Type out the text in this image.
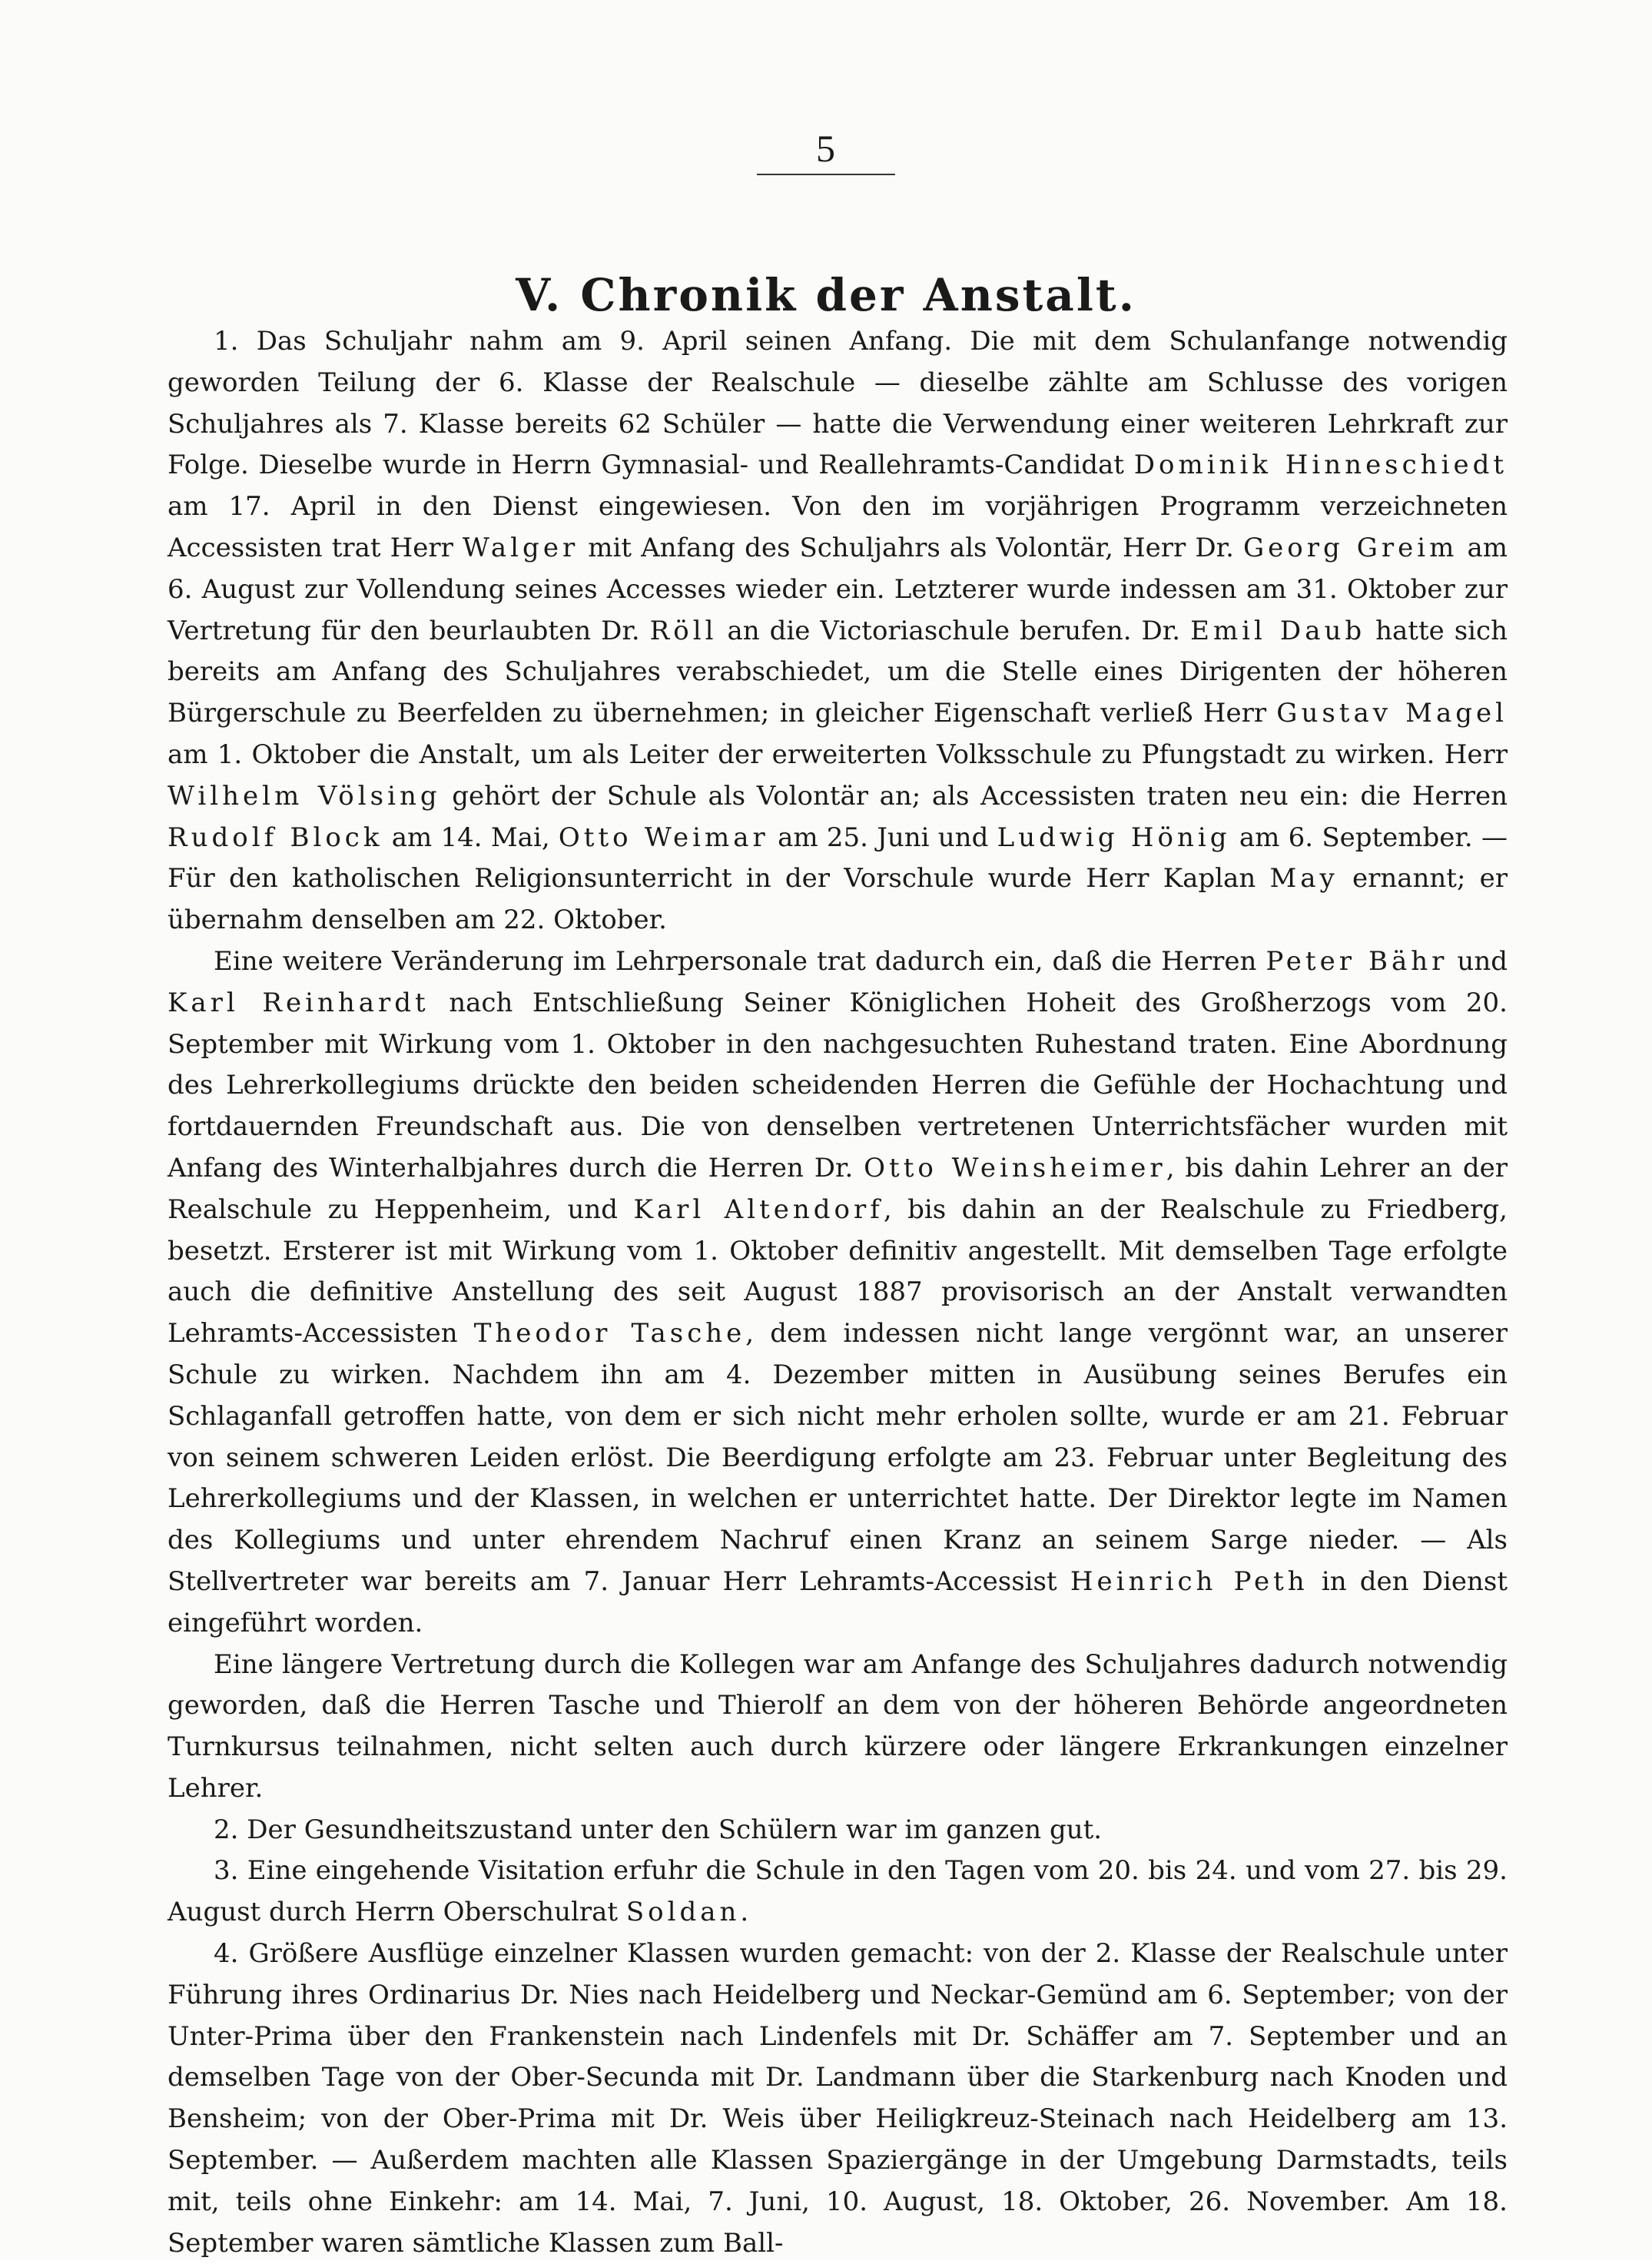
5
V. Chronik der Anstalt.

1. Das Schuljahr nahm am 9. April seinen Anfang. Die mit dem Schulanfange notwendig geworden Teilung der 6. Klasse der Realschule — dieselbe zählte am Schlusse des vorigen Schuljahres als 7. Klasse bereits 62 Schüler — hatte die Verwendung einer weiteren Lehrkraft zur Folge. Dieselbe wurde in Herrn Gymnasial- und Reallehramts-Candidat Dominik Hinneschiedt am 17. April in den Dienst eingewiesen. Von den im vorjährigen Programm verzeichneten Accessisten trat Herr Walger mit Anfang des Schuljahrs als Volontär, Herr Dr. Georg Greim am 6. August zur Vollendung seines Accesses wieder ein. Letzterer wurde indessen am 31. Oktober zur Vertretung für den beurlaubten Dr. Röll an die Victoriaschule berufen. Dr. Emil Daub hatte sich bereits am Anfang des Schuljahres verabschiedet, um die Stelle eines Dirigenten der höheren Bürgerschule zu Beerfelden zu übernehmen; in gleicher Eigenschaft verließ Herr Gustav Magel am 1. Oktober die Anstalt, um als Leiter der erweiterten Volksschule zu Pfungstadt zu wirken. Herr Wilhelm Völsing gehört der Schule als Volontär an; als Accessisten traten neu ein: die Herren Rudolf Block am 14. Mai, Otto Weimar am 25. Juni und Ludwig Hönig am 6. September. — Für den katholischen Religionsunterricht in der Vorschule wurde Herr Kaplan May ernannt; er übernahm denselben am 22. Oktober.

Eine weitere Veränderung im Lehrpersonale trat dadurch ein, daß die Herren Peter Bähr und Karl Reinhardt nach Entschließung Seiner Königlichen Hoheit des Großherzogs vom 20. September mit Wirkung vom 1. Oktober in den nachgesuchten Ruhestand traten. Eine Abordnung des Lehrerkollegiums drückte den beiden scheidenden Herren die Gefühle der Hochachtung und fortdauernden Freundschaft aus. Die von denselben vertretenen Unterrichtsfächer wurden mit Anfang des Winterhalbjahres durch die Herren Dr. Otto Weinsheimer, bis dahin Lehrer an der Realschule zu Heppenheim, und Karl Altendorf, bis dahin an der Realschule zu Friedberg, besetzt. Ersterer ist mit Wirkung vom 1. Oktober definitiv angestellt. Mit demselben Tage erfolgte auch die definitive Anstellung des seit August 1887 provisorisch an der Anstalt verwandten Lehramts-Accessisten Theodor Tasche, dem indessen nicht lange vergönnt war, an unserer Schule zu wirken. Nachdem ihn am 4. Dezember mitten in Ausübung seines Berufes ein Schlaganfall getroffen hatte, von dem er sich nicht mehr erholen sollte, wurde er am 21. Februar von seinem schweren Leiden erlöst. Die Beerdigung erfolgte am 23. Februar unter Begleitung des Lehrerkollegiums und der Klassen, in welchen er unterrichtet hatte. Der Direktor legte im Namen des Kollegiums und unter ehrendem Nachruf einen Kranz an seinem Sarge nieder. — Als Stellvertreter war bereits am 7. Januar Herr Lehramts-Accessist Heinrich Peth in den Dienst eingeführt worden.

Eine längere Vertretung durch die Kollegen war am Anfange des Schuljahres dadurch notwendig geworden, daß die Herren Tasche und Thierolf an dem von der höheren Behörde angeordneten Turnkursus teilnahmen, nicht selten auch durch kürzere oder längere Erkrankungen einzelner Lehrer.

2. Der Gesundheitszustand unter den Schülern war im ganzen gut.

3. Eine eingehende Visitation erfuhr die Schule in den Tagen vom 20. bis 24. und vom 27. bis 29. August durch Herrn Oberschulrat Soldan.

4. Größere Ausflüge einzelner Klassen wurden gemacht: von der 2. Klasse der Realschule unter Führung ihres Ordinarius Dr. Nies nach Heidelberg und Neckar-Gemünd am 6. September; von der Unter-Prima über den Frankenstein nach Lindenfels mit Dr. Schäffer am 7. September und an demselben Tage von der Ober-Secunda mit Dr. Landmann über die Starkenburg nach Knoden und Bensheim; von der Ober-Prima mit Dr. Weis über Heiligkreuz-Steinach nach Heidelberg am 13. September. — Außerdem machten alle Klassen Spaziergänge in der Umgebung Darmstadts, teils mit, teils ohne Einkehr: am 14. Mai, 7. Juni, 10. August, 18. Oktober, 26. November. Am 18. September waren sämtliche Klassen zum Ball-
